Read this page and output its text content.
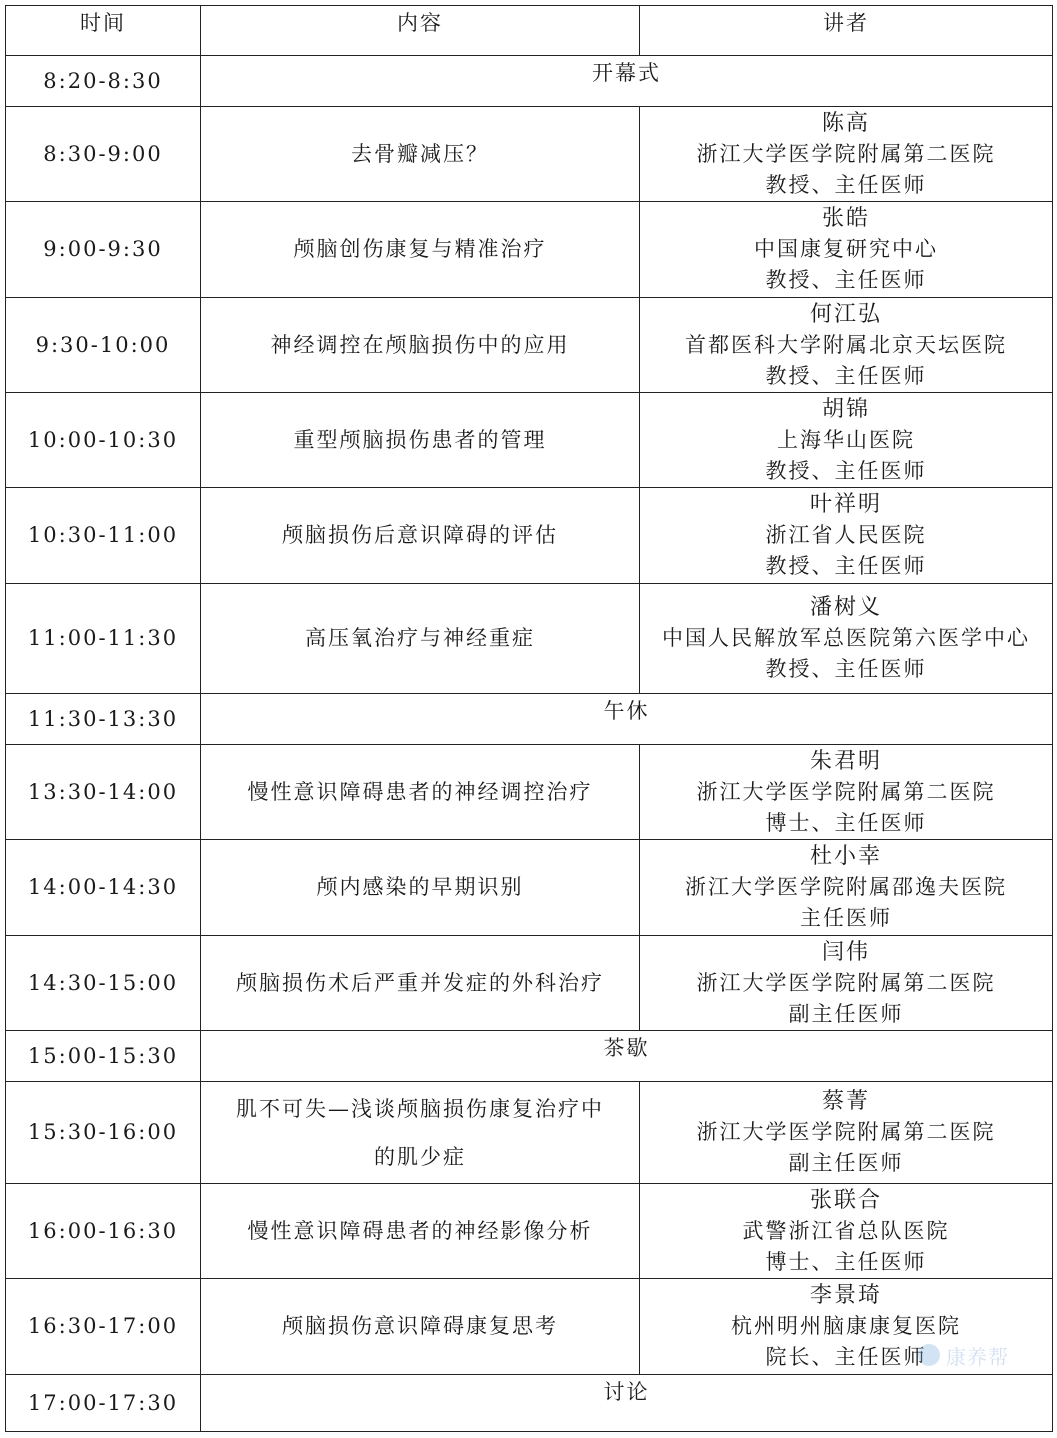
时间	内容	讲者
8:20-8:30	开幕式	
8:30-9:00	去骨瓣减压？	陈高
浙江大学医学院附属第二医院
教授、主任医师

9:00-9:30	颅脑创伤康复与精准治疗	张皓
中国康复研究中心
教授、主任医师

9:30-10:00	神经调控在颅脑损伤中的应用	何江弘
首都医科大学附属北京天坛医院
教授、主任医师

10:00-10:30	重型颅脑损伤患者的管理	胡锦
上海华山医院
教授、主任医师

10:30-11:00	颅脑损伤后意识障碍的评估	叶祥明
浙江省人民医院
教授、主任医师

11:00-11:30	高压氧治疗与神经重症	潘树义
中国人民解放军总医院第六医学中心
教授、主任医师

11:30-13:30	午休	
13:30-14:00	慢性意识障碍患者的神经调控治疗	朱君明
浙江大学医学院附属第二医院
博士、主任医师

14:00-14:30	颅内感染的早期识别	杜小幸
浙江大学医学院附属邵逸夫医院
主任医师

14:30-15:00	颅脑损伤术后严重并发症的外科治疗	闫伟
浙江大学医学院附属第二医院
副主任医师

15:00-15:30	茶歇	
15:30-16:00	肌不可失—浅谈颅脑损伤康复治疗中
的肌少症	蔡菁
浙江大学医学院附属第二医院
副主任医师

16:00-16:30	慢性意识障碍患者的神经影像分析	张联合
武警浙江省总队医院
博士、主任医师

16:30-17:00	颅脑损伤意识障碍康复思考	李景琦
杭州明州脑康康复医院
院长、主任医师

17:00-17:30	讨论	
康养帮
